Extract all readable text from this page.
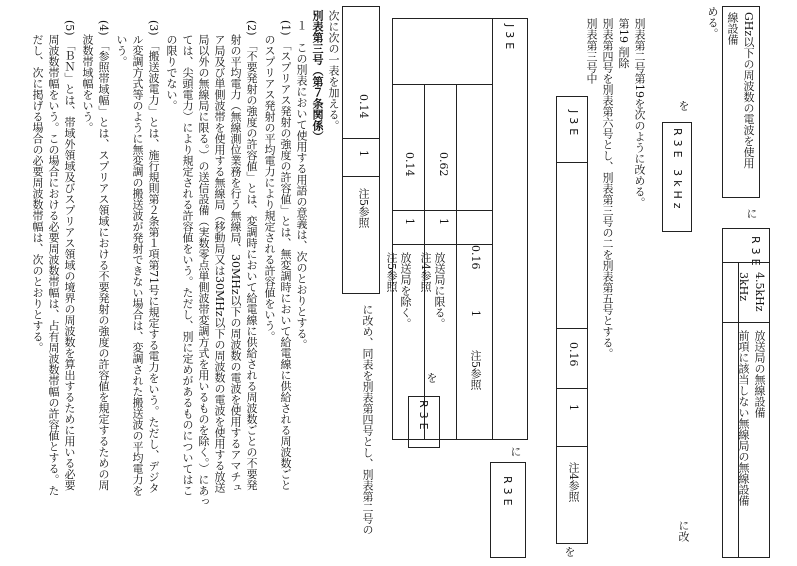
GHz以下の周波数の電波を使用
線設備
める。
に
R3E
4.5kHz
3kHz
放送局の無線設備
前項に該当しない無線局の無線設備
に改
を
R3E 3kHz
別表第二号第19を次のように改める。
第19 削除
別表第四号を別表第六号とし、別表第三号の二を別表第五号とする。
別表第三号中
J3E
0.16
1
注4参照
を
に
R3E
J3E
0.62
1
放送局に限る。 注4参照
0.14
1
放送局を除く。 注5参照	0.16
1
注5参照
を
R3E
0.14
1
注5参照
に改め、同表を別表第四号とし、別表第二号の
次に次の一表を加える。
別表第三号（第７条関係）
１　この別表において使用する用語の意義は、次のとおりとする。
(1) 「スプリアス発射の強度の許容値」とは、無変調時において給電線に供給される周波数ごと
のスプリアス発射の平均電力により規定される許容値をいう。
(2) 「不要発射の強度の許容値」とは、変調時において給電線に供給される周波数ごとの不要発
射の平均電力（無線測位業務を行う無線局、30MHz以下の周波数の電波を使用するアマチュ
ア局及び単側波帯を使用する無線局（移動局又は30MHz以下の周波数の電波を使用する放送
局以外の無線局に限る。）の送信設備（実数零点単側波帯変調方式を用いるものを除く。）にあっ
ては、尖頭電力）により規定される許容値をいう。ただし、別に定めがあるものについてはこ
の限りでない。
(3) 「搬送波電力」とは、施行規則第２条第１項第71号に規定する電力をいう。ただし、デジタ
ル変調方式等のように無変調の搬送波が発射できない場合は、変調された搬送波の平均電力を
いう。
(4) 「参照帯域幅」とは、スプリアス領域における不要発射の強度の許容値を規定するための周
波数帯域幅をいう。
(5) 「ＢＮ」とは、帯域外領域及びスプリアス領域の境界の周波数を算出するために用いる必要
周波数帯幅をいう。この場合における必要周波数帯幅は、占有周波数帯幅の許容値とする。た
だし、次に掲げる場合の必要周波数帯幅は、次のとおりとする。
